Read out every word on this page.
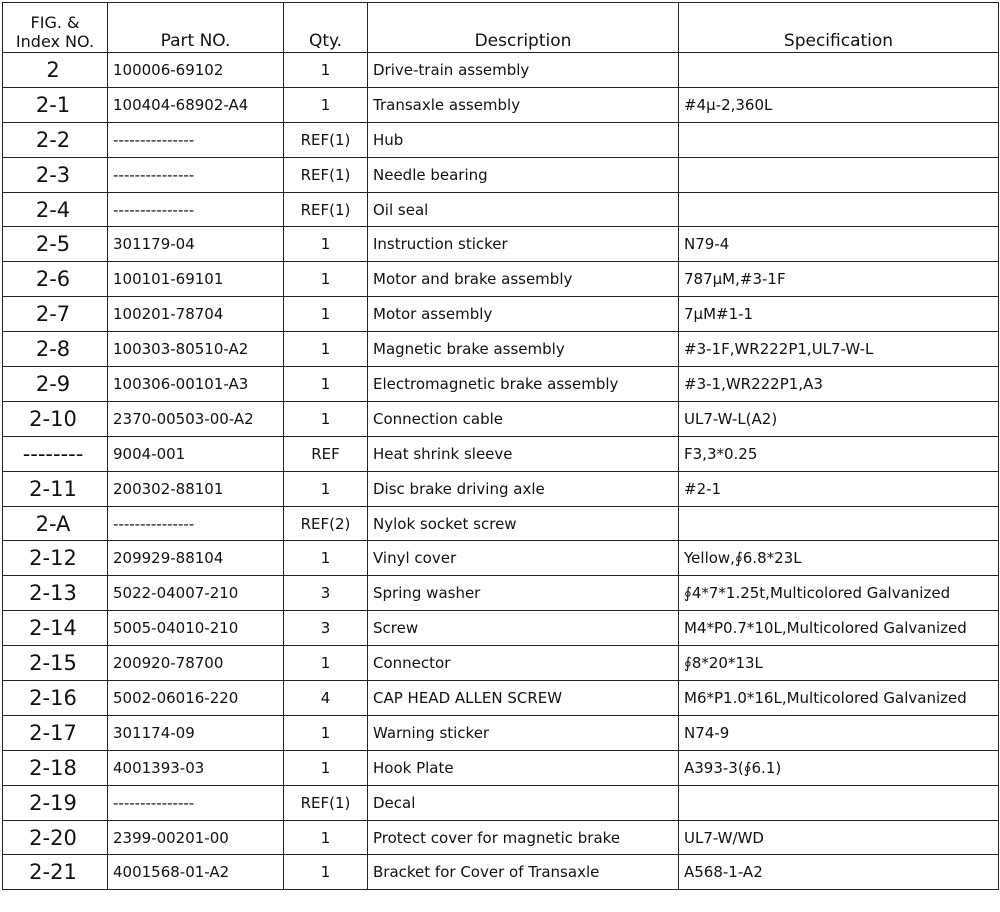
FIG. &
Index NO.	Part NO.	Qty.	Description	Specification
2	100006-69102	1	Drive-train assembly	
2-1	100404-68902-A4	1	Transaxle assembly	#4μ-2,360L
2-2	---------------	REF(1)	Hub	
2-3	---------------	REF(1)	Needle bearing	
2-4	---------------	REF(1)	Oil seal	
2-5	301179-04	1	Instruction sticker	N79-4
2-6	100101-69101	1	Motor and brake assembly	787μM,#3-1F
2-7	100201-78704	1	Motor assembly	7μM#1-1
2-8	100303-80510-A2	1	Magnetic brake assembly	#3-1F,WR222P1,UL7-W-L
2-9	100306-00101-A3	1	Electromagnetic brake assembly	#3-1,WR222P1,A3
2-10	2370-00503-00-A2	1	Connection cable	UL7-W-L(A2)
--------	9004-001	REF	Heat shrink sleeve	F3,3*0.25
2-11	200302-88101	1	Disc brake driving axle	#2-1
2-A	---------------	REF(2)	Nylok socket screw	
2-12	209929-88104	1	Vinyl cover	Yellow,∮6.8*23L
2-13	5022-04007-210	3	Spring washer	∮4*7*1.25t,Multicolored Galvanized
2-14	5005-04010-210	3	Screw	M4*P0.7*10L,Multicolored Galvanized
2-15	200920-78700	1	Connector	∮8*20*13L
2-16	5002-06016-220	4	CAP HEAD ALLEN SCREW	M6*P1.0*16L,Multicolored Galvanized
2-17	301174-09	1	Warning sticker	N74-9
2-18	4001393-03	1	Hook Plate	A393-3(∮6.1)
2-19	---------------	REF(1)	Decal	
2-20	2399-00201-00	1	Protect cover for magnetic brake	UL7-W/WD
2-21	4001568-01-A2	1	Bracket for Cover of Transaxle	A568-1-A2
